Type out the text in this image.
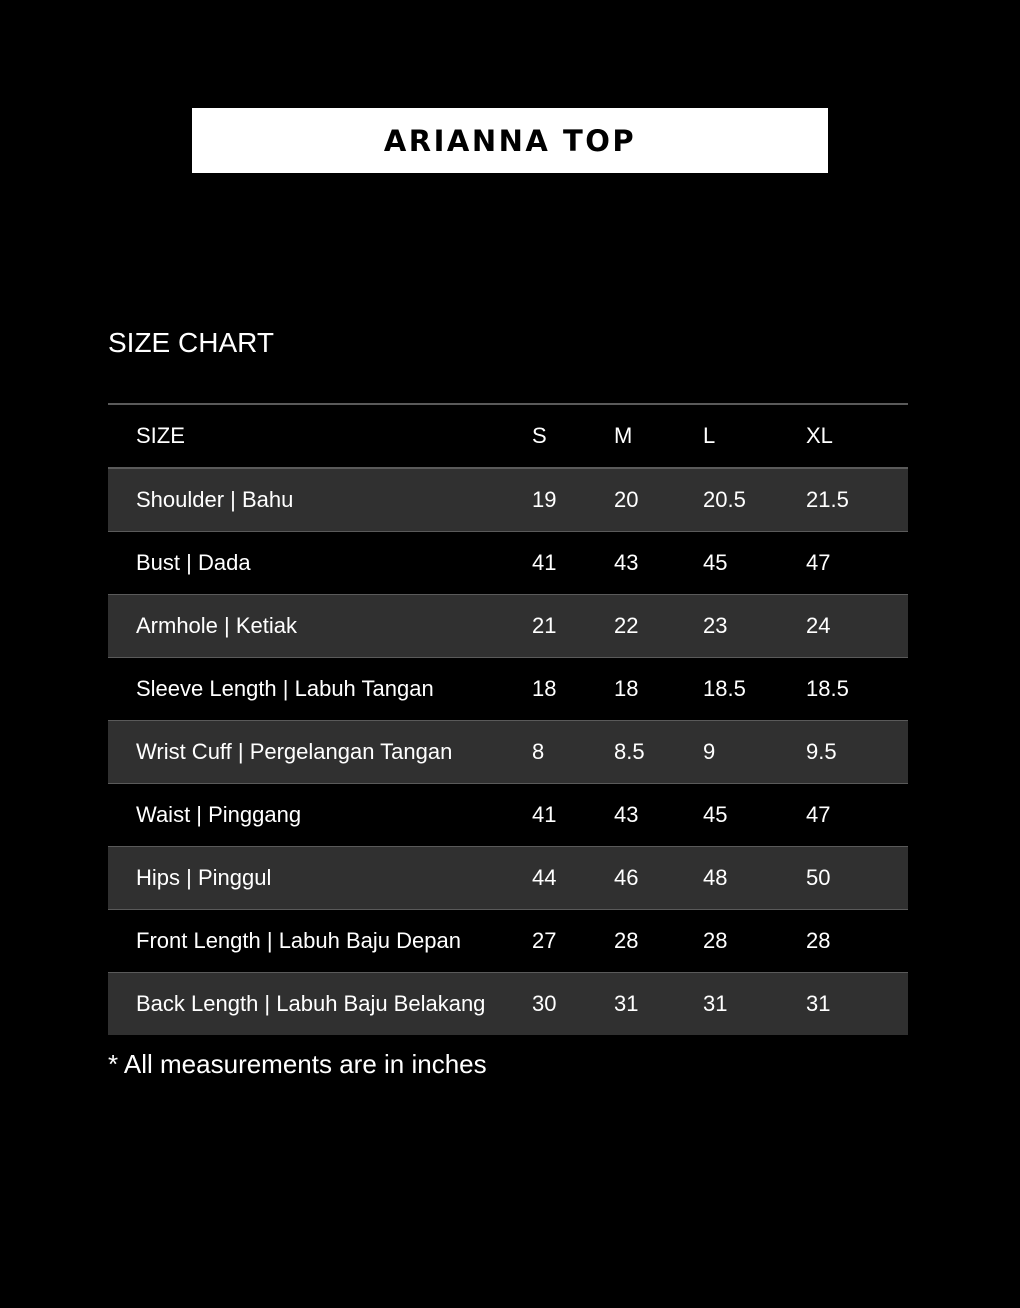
ARIANNA TOP
SIZE CHART
SIZE	S	M	L	XL
Shoulder | Bahu	19	20	20.5	21.5
Bust | Dada	41	43	45	47
Armhole | Ketiak	21	22	23	24
Sleeve Length | Labuh Tangan	18	18	18.5	18.5
Wrist Cuff | Pergelangan Tangan	8	8.5	9	9.5
Waist | Pinggang	41	43	45	47
Hips | Pinggul	44	46	48	50
Front Length | Labuh Baju Depan	27	28	28	28
Back Length | Labuh Baju Belakang	30	31	31	31
* All measurements are in inches
